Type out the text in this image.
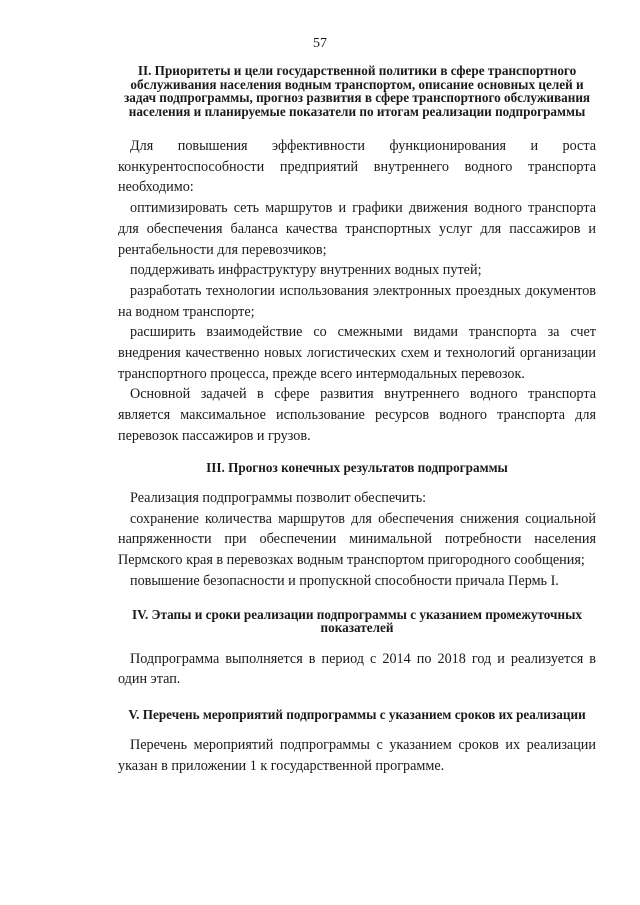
57
II. Приоритеты и цели государственной политики в сфере транспортного обслуживания населения водным транспортом, описание основных целей и задач подпрограммы, прогноз развития в сфере транспортного обслуживания населения и планируемые показатели по итогам реализации подпрограммы

Для повышения эффективности функционирования и роста конкурентоспособности предприятий внутреннего водного транспорта необходимо:

оптимизировать сеть маршрутов и графики движения водного транспорта для обеспечения баланса качества транспортных услуг для пассажиров и рентабельности для перевозчиков;

поддерживать инфраструктуру внутренних водных путей;

разработать технологии использования электронных проездных документов на водном транспорте;

расширить взаимодействие со смежными видами транспорта за счет внедрения качественно новых логистических схем и технологий организации транспортного процесса, прежде всего интермодальных перевозок.

Основной задачей в сфере развития внутреннего водного транспорта является максимальное использование ресурсов водного транспорта для перевозок пассажиров и грузов.

III. Прогноз конечных результатов подпрограммы

Реализация подпрограммы позволит обеспечить:

сохранение количества маршрутов для обеспечения снижения социальной напряженности при обеспечении минимальной потребности населения Пермского края в перевозках водным транспортом пригородного сообщения;

повышение безопасности и пропускной способности причала Пермь I.

IV. Этапы и сроки реализации подпрограммы с указанием промежуточных показателей

Подпрограмма выполняется в период с 2014 по 2018 год и реализуется в один этап.

V. Перечень мероприятий подпрограммы с указанием сроков их реализации

Перечень мероприятий подпрограммы с указанием сроков их реализации указан в приложении 1 к государственной программе.
